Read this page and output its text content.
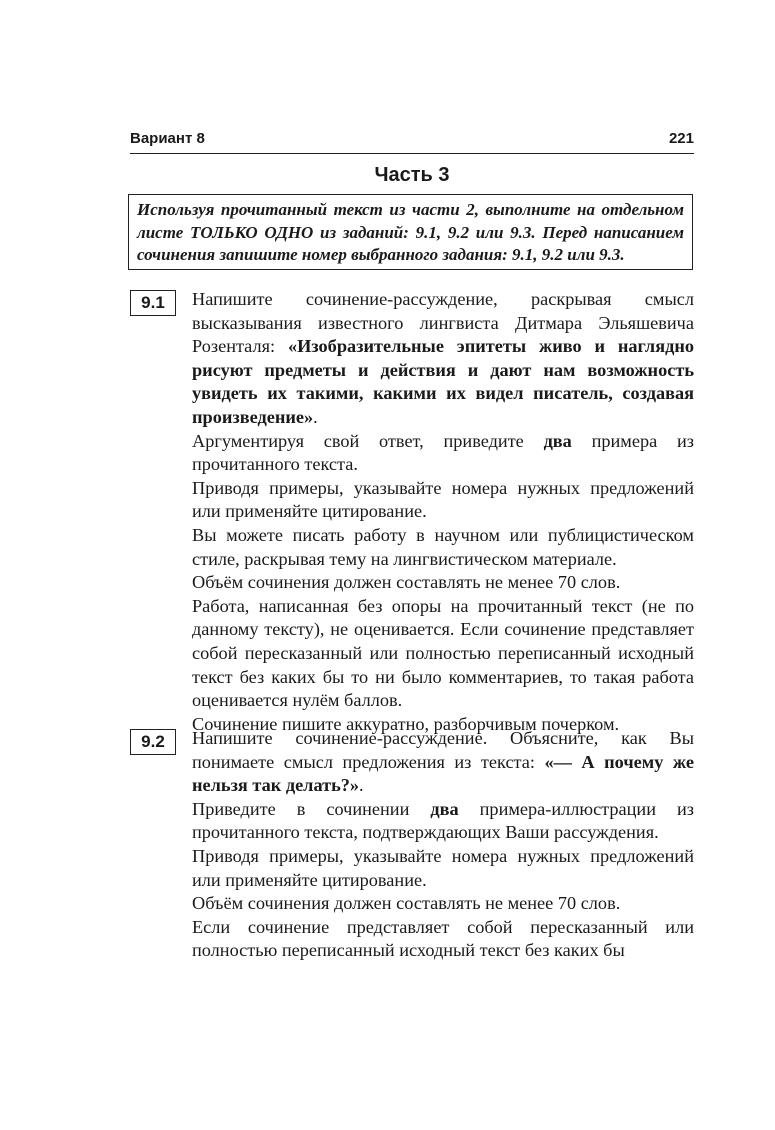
Вариант 8	221
Часть 3
Используя прочитанный текст из части 2, выполните на отдельном листе ТОЛЬКО ОДНО из заданий: 9.1, 9.2 или 9.3. Перед написанием сочинения запишите номер выбранного задания: 9.1, 9.2 или 9.3.
9.1	Напишите сочинение-рассуждение, раскрывая смысл высказывания известного лингвиста Дитмара Эльяшевича Розенталя: «Изобразительные эпитеты живо и наглядно рисуют предметы и действия и дают нам возможность увидеть их такими, какими их видел писатель, создавая произведение».

Аргументируя свой ответ, приведите два примера из прочитанного текста.

Приводя примеры, указывайте номера нужных предложений или применяйте цитирование.

Вы можете писать работу в научном или публицистическом стиле, раскрывая тему на лингвистическом материале.

Объём сочинения должен составлять не менее 70 слов.

Работа, написанная без опоры на прочитанный текст (не по данному тексту), не оценивается. Если сочинение представляет собой пересказанный или полностью переписанный исходный текст без каких бы то ни было комментариев, то такая работа оценивается нулём баллов.

Сочинение пишите аккуратно, разборчивым почерком.

9.2	Напишите сочинение-рассуждение. Объясните, как Вы понимаете смысл предложения из текста: «— А почему же нельзя так делать?».

Приведите в сочинении два примера-иллюстрации из прочитанного текста, подтверждающих Ваши рассуждения.

Приводя примеры, указывайте номера нужных предложений или применяйте цитирование.

Объём сочинения должен составлять не менее 70 слов.

Если сочинение представляет собой пересказанный или полностью переписанный исходный текст без каких бы
